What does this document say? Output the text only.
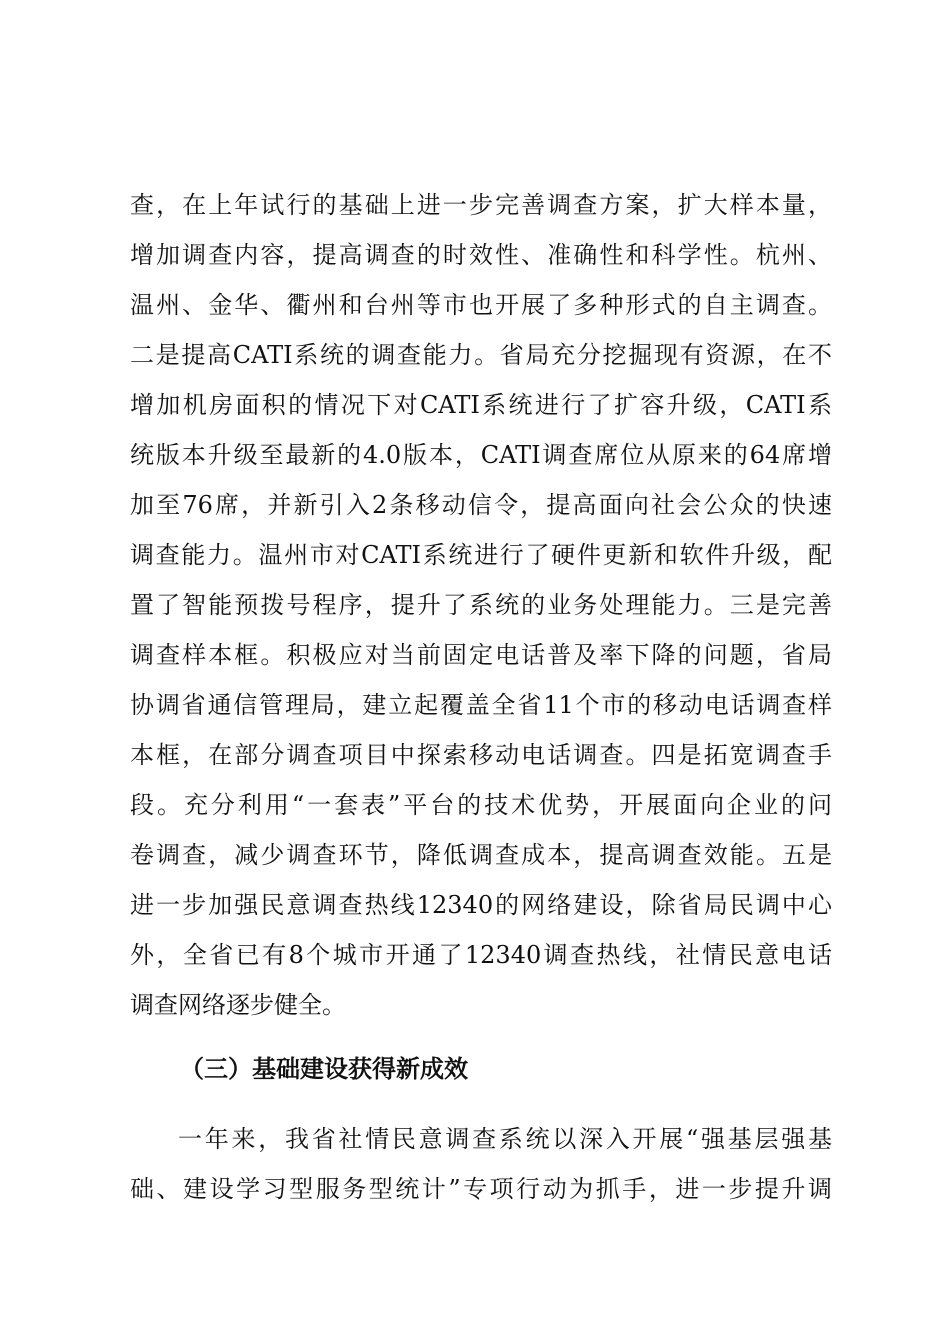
查，在上年试行的基础上进一步完善调查方案，扩大样本量，
增加调查内容，提高调查的时效性、准确性和科学性。杭州、
温州、金华、衢州和台州等市也开展了多种形式的自主调查。
二是提高CATI系统的调查能力。省局充分挖掘现有资源，在不
增加机房面积的情况下对CATI系统进行了扩容升级，CATI系
统版本升级至最新的4.0版本，CATI调查席位从原来的64席增
加至76席，并新引入2条移动信令，提高面向社会公众的快速
调查能力。温州市对CATI系统进行了硬件更新和软件升级，配
置了智能预拨号程序，提升了系统的业务处理能力。三是完善
调查样本框。积极应对当前固定电话普及率下降的问题，省局
协调省通信管理局，建立起覆盖全省11个市的移动电话调查样
本框，在部分调查项目中探索移动电话调查。四是拓宽调查手
段。充分利用“一套表”平台的技术优势，开展面向企业的问
卷调查，减少调查环节，降低调查成本，提高调查效能。五是
进一步加强民意调查热线12340的网络建设，除省局民调中心
外，全省已有8个城市开通了12340调查热线，社情民意电话
调查网络逐步健全。
（三）基础建设获得新成效
一年来，我省社情民意调查系统以深入开展“强基层强基
础、建设学习型服务型统计”专项行动为抓手，进一步提升调
